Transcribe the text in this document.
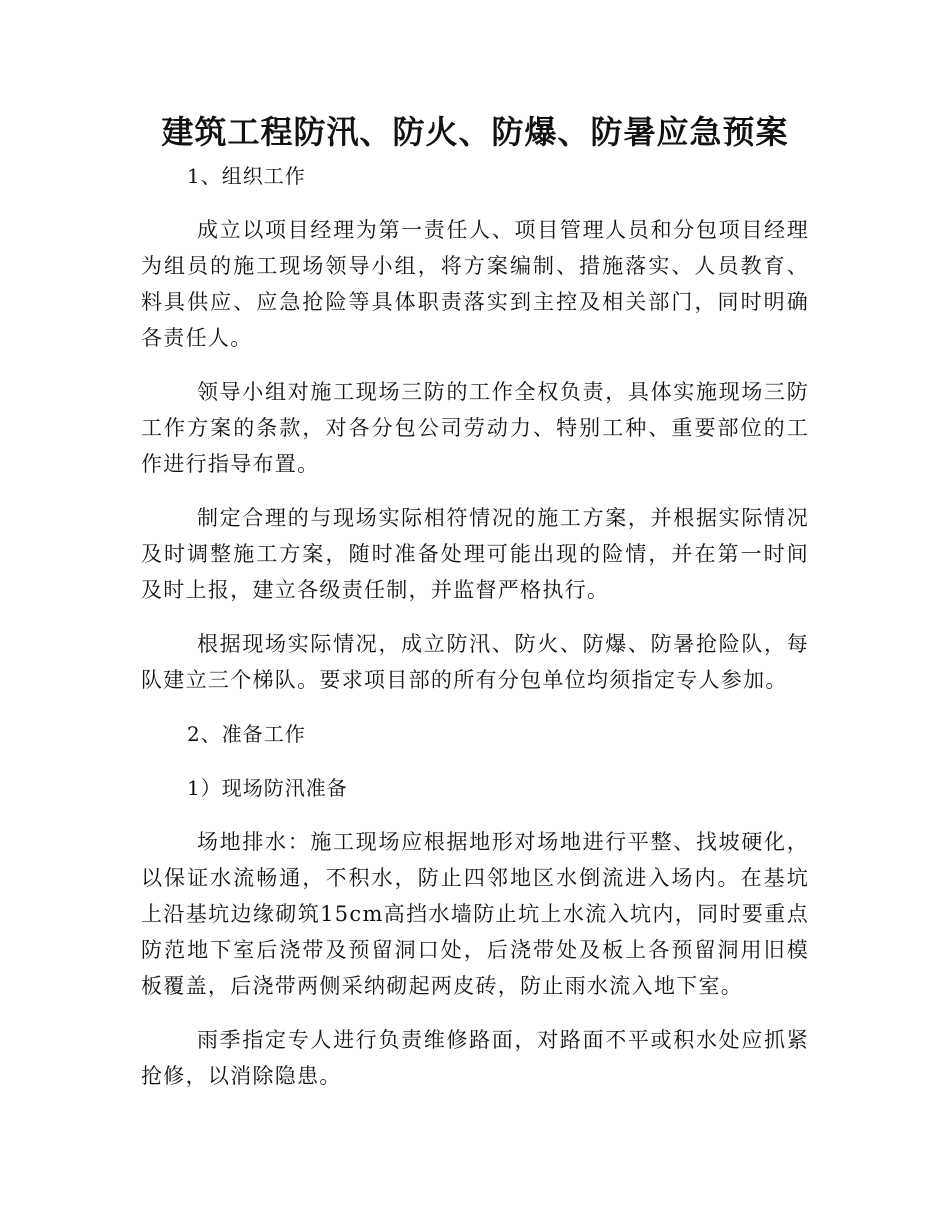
建筑工程防汛、防火、防爆、防暑应急预案
1、组织工作

成立以项目经理为第一责任人、项目管理人员和分包项目经理为组员的施工现场领导小组，将方案编制、措施落实、人员教育、料具供应、应急抢险等具体职责落实到主控及相关部门，同时明确各责任人。

领导小组对施工现场三防的工作全权负责，具体实施现场三防工作方案的条款，对各分包公司劳动力、特别工种、重要部位的工作进行指导布置。

制定合理的与现场实际相符情况的施工方案，并根据实际情况及时调整施工方案，随时准备处理可能出现的险情，并在第一时间及时上报，建立各级责任制，并监督严格执行。

根据现场实际情况，成立防汛、防火、防爆、防暑抢险队，每队建立三个梯队。要求项目部的所有分包单位均须指定专人参加。

2、准备工作
1）现场防汛准备

场地排水：施工现场应根据地形对场地进行平整、找坡硬化，以保证水流畅通，不积水，防止四邻地区水倒流进入场内。在基坑上沿基坑边缘砌筑15cm高挡水墙防止坑上水流入坑内，同时要重点防范地下室后浇带及预留洞口处，后浇带处及板上各预留洞用旧模板覆盖，后浇带两侧采纳砌起两皮砖，防止雨水流入地下室。

雨季指定专人进行负责维修路面，对路面不平或积水处应抓紧抢修，以消除隐患。
